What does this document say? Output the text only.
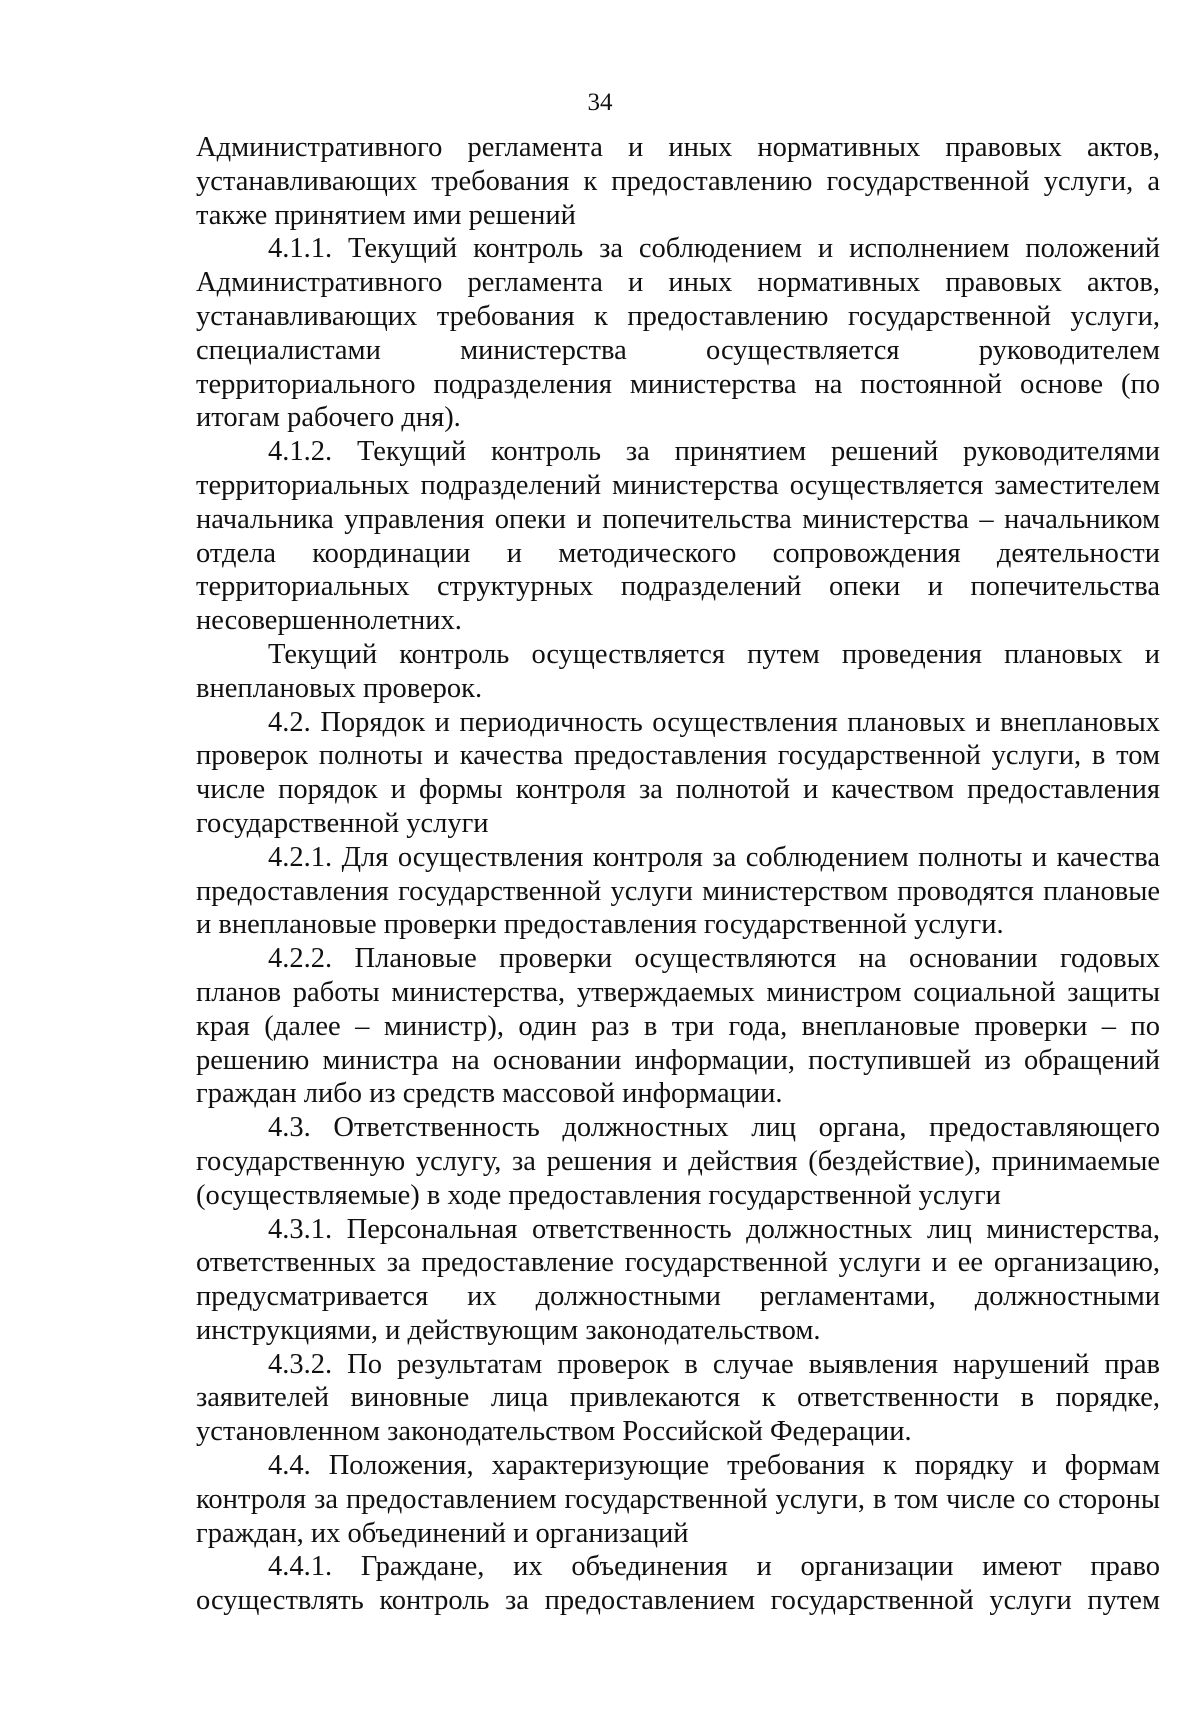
34

Административного регламента и иных нормативных правовых актов, устанавливающих требования к предоставлению государственной услуги, а также принятием ими решений

4.1.1. Текущий контроль за соблюдением и исполнением положений Административного регламента и иных нормативных правовых актов, устанавливающих требования к предоставлению государственной услуги, специалистами министерства осуществляется руководителем территориального подразделения министерства на постоянной основе (по итогам рабочего дня).

4.1.2. Текущий контроль за принятием решений руководителями территориальных подразделений министерства осуществляется заместителем начальника управления опеки и попечительства министерства – начальником отдела координации и методического сопровождения деятельности территориальных структурных подразделений опеки и попечительства несовершеннолетних.

Текущий контроль осуществляется путем проведения плановых и внеплановых проверок.

4.2. Порядок и периодичность осуществления плановых и внеплановых проверок полноты и качества предоставления государственной услуги, в том числе порядок и формы контроля за полнотой и качеством предоставления государственной услуги

4.2.1. Для осуществления контроля за соблюдением полноты и качества предоставления государственной услуги министерством проводятся плановые и внеплановые проверки предоставления государственной услуги.

4.2.2. Плановые проверки осуществляются на основании годовых планов работы министерства, утверждаемых министром социальной защиты края (далее – министр), один раз в три года, внеплановые проверки – по решению министра на основании информации, поступившей из обращений граждан либо из средств массовой информации.

4.3. Ответственность должностных лиц органа, предоставляющего государственную услугу, за решения и действия (бездействие), принимаемые (осуществляемые) в ходе предоставления государственной услуги

4.3.1. Персональная ответственность должностных лиц министерства, ответственных за предоставление государственной услуги и ее организацию, предусматривается их должностными регламентами, должностными инструкциями, и действующим законодательством.

4.3.2. По результатам проверок в случае выявления нарушений прав заявителей виновные лица привлекаются к ответственности в порядке, установленном законодательством Российской Федерации.

4.4. Положения, характеризующие требования к порядку и формам контроля за предоставлением государственной услуги, в том числе со стороны граждан, их объединений и организаций

4.4.1. Граждане, их объединения и организации имеют право осуществлять контроль за предоставлением государственной услуги путем
